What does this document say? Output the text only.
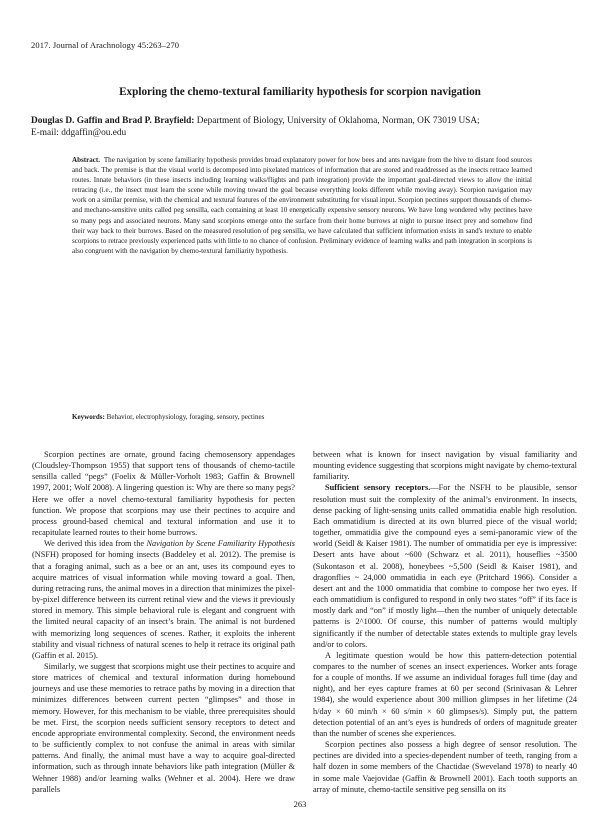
2017. Journal of Arachnology 45:263–270
Exploring the chemo-textural familiarity hypothesis for scorpion navigation
Douglas D. Gaffin and Brad P. Brayfield: Department of Biology, University of Oklahoma, Norman, OK 73019 USA;
E-mail: ddgaffin@ou.edu
Abstract. The navigation by scene familiarity hypothesis provides broad explanatory power for how bees and ants navigate from the hive to distant food sources and back. The premise is that the visual world is decomposed into pixelated matrices of information that are stored and readdressed as the insects retrace learned routes. Innate behaviors (in these insects including learning walks/flights and path integration) provide the important goal-directed views to allow the initial retracing (i.e., the insect must learn the scene while moving toward the goal because everything looks different while moving away). Scorpion navigation may work on a similar premise, with the chemical and textural features of the environment substituting for visual input. Scorpion pectines support thousands of chemo- and mechano-sensitive units called peg sensilla, each containing at least 10 energetically expensive sensory neurons. We have long wondered why pectines have so many pegs and associated neurons. Many sand scorpions emerge onto the surface from their home burrows at night to pursue insect prey and somehow find their way back to their burrows. Based on the measured resolution of peg sensilla, we have calculated that sufficient information exists in sand's texture to enable scorpions to retrace previously experienced paths with little to no chance of confusion. Preliminary evidence of learning walks and path integration in scorpions is also congruent with the navigation by chemo-textural familiarity hypothesis.
Keywords: Behavior, electrophysiology, foraging, sensory, pectines

Scorpion pectines are ornate, ground facing chemosensory appendages (Cloudsley-Thompson 1955) that support tens of thousands of chemo-tactile sensilla called “pegs” (Foelix & Müller-Vorholt 1983; Gaffin & Brownell 1997, 2001; Wolf 2008). A lingering question is: Why are there so many pegs? Here we offer a novel chemo-textural familiarity hypothesis for pecten function. We propose that scorpions may use their pectines to acquire and process ground-based chemical and textural information and use it to recapitulate learned routes to their home burrows.

We derived this idea from the Navigation by Scene Familiarity Hypothesis (NSFH) proposed for homing insects (Baddeley et al. 2012). The premise is that a foraging animal, such as a bee or an ant, uses its compound eyes to acquire matrices of visual information while moving toward a goal. Then, during retracing runs, the animal moves in a direction that minimizes the pixel-by-pixel difference between its current retinal view and the views it previously stored in memory. This simple behavioral rule is elegant and congruent with the limited neural capacity of an insect’s brain. The animal is not burdened with memorizing long sequences of scenes. Rather, it exploits the inherent stability and visual richness of natural scenes to help it retrace its original path (Gaffin et al. 2015).

Similarly, we suggest that scorpions might use their pectines to acquire and store matrices of chemical and textural information during homebound journeys and use these memories to retrace paths by moving in a direction that minimizes differences between current pecten “glimpses” and those in memory. However, for this mechanism to be viable, three prerequisites should be met. First, the scorpion needs sufficient sensory receptors to detect and encode appropriate environmental complexity. Second, the environment needs to be sufficiently complex to not confuse the animal in areas with similar patterns. And finally, the animal must have a way to acquire goal-directed information, such as through innate behaviors like path integration (Müller & Wehner 1988) and/or learning walks (Wehner et al. 2004). Here we draw parallels

between what is known for insect navigation by visual familiarity and mounting evidence suggesting that scorpions might navigate by chemo-textural familiarity.

Sufficient sensory receptors.—For the NSFH to be plausible, sensor resolution must suit the complexity of the animal’s environment. In insects, dense packing of light-sensing units called ommatidia enable high resolution. Each ommatidium is directed at its own blurred piece of the visual world; together, ommatidia give the compound eyes a semi-panoramic view of the world (Seidl & Kaiser 1981). The number of ommatidia per eye is impressive: Desert ants have about ~600 (Schwarz et al. 2011), houseflies ~3500 (Sukontason et al. 2008), honeybees ~5,500 (Seidl & Kaiser 1981), and dragonflies ~ 24,000 ommatidia in each eye (Pritchard 1966). Consider a desert ant and the 1000 ommatidia that combine to compose her two eyes. If each ommatidium is configured to respond in only two states “off” if its face is mostly dark and “on” if mostly light—then the number of uniquely detectable patterns is 2^1000. Of course, this number of patterns would multiply significantly if the number of detectable states extends to multiple gray levels and/or to colors.

A legitimate question would be how this pattern-detection potential compares to the number of scenes an insect experiences. Worker ants forage for a couple of months. If we assume an individual forages full time (day and night), and her eyes capture frames at 60 per second (Srinivasan & Lehrer 1984), she would experience about 300 million glimpses in her lifetime (24 h/day × 60 min/h × 60 s/min × 60 glimpses/s). Simply put, the pattern detection potential of an ant’s eyes is hundreds of orders of magnitude greater than the number of scenes she experiences.

Scorpion pectines also possess a high degree of sensor resolution. The pectines are divided into a species-dependent number of teeth, ranging from a half dozen in some members of the Chactidae (Sweveland 1978) to nearly 40 in some male Vaejovidae (Gaffin & Brownell 2001). Each tooth supports an array of minute, chemo-tactile sensitive peg sensilla on its

263
